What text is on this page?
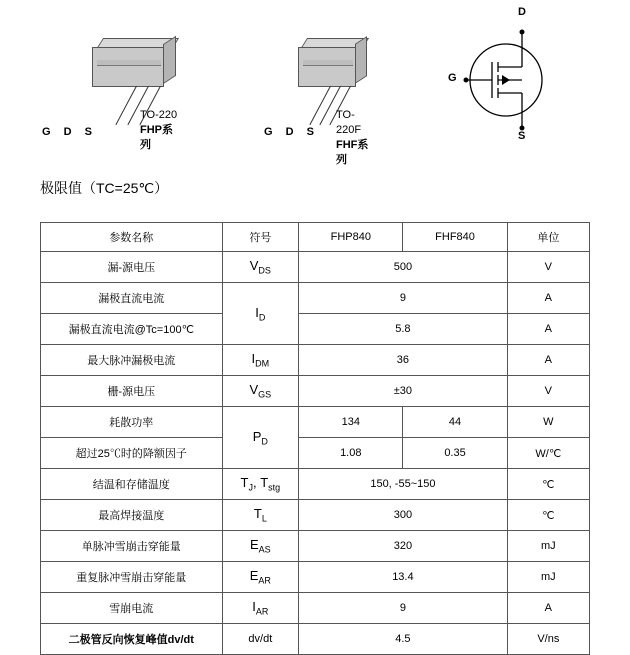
G D S
TO-220
FHP系列
G D S
TO-220F
FHF系列
D
G
S
极限值（TC=25℃）
参数名称	符号	FHP840	FHF840	单位
漏-源电压	$V_{DS}$	500		V
漏极直流电流	$I_D$	9		A
漏极直流电流@Tc=100℃		5.8		A
最大脉冲漏极电流	$I_{DM}$	36		A
栅-源电压	$V_{GS}$	±30		V
耗散功率	$P_D$	134	44	W
超过25℃时的降额因子		1.08	0.35	W/℃
结温和存储温度	$T_J$, $T_{stg}$	150, -55~150		℃
最高焊接温度	$T_L$	300		℃
单脉冲雪崩击穿能量	$E_{AS}$	320		mJ
重复脉冲雪崩击穿能量	$E_{AR}$	13.4		mJ
雪崩电流	$I_{AR}$	9		A
二极管反向恢复峰值dv/dt	dv/dt	4.5		V/ns
